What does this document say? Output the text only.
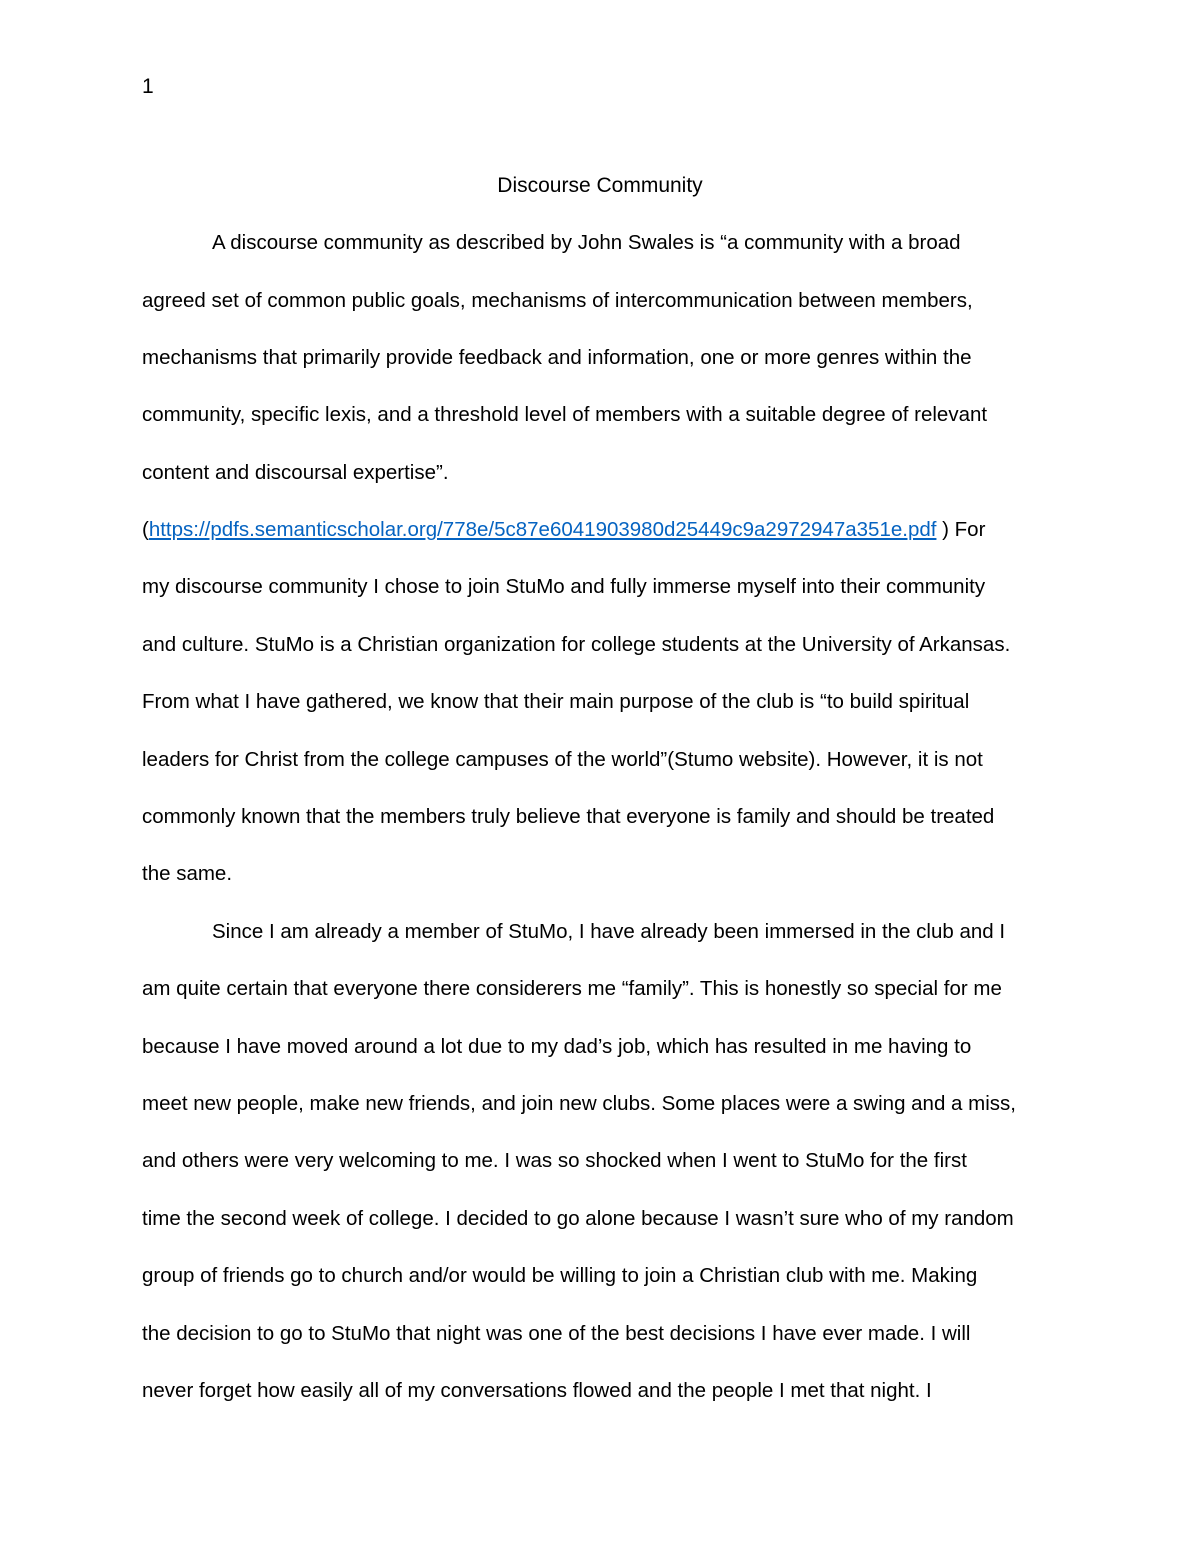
1
Discourse Community
A discourse community as described by John Swales is “a community with a broad
agreed set of common public goals, mechanisms of intercommunication between members,
mechanisms that primarily provide feedback and information, one or more genres within the
community, specific lexis, and a threshold level of members with a suitable degree of relevant
content and discoursal expertise”.
(https://pdfs.semanticscholar.org/778e/5c87e6041903980d25449c9a2972947a351e.pdf ) For
my discourse community I chose to join StuMo and fully immerse myself into their community
and culture. StuMo is a Christian organization for college students at the University of Arkansas.
From what I have gathered, we know that their main purpose of the club is “to build spiritual
leaders for Christ from the college campuses of the world”(Stumo website). However, it is not
commonly known that the members truly believe that everyone is family and should be treated
the same.
Since I am already a member of StuMo, I have already been immersed in the club and I
am quite certain that everyone there considerers me “family”. This is honestly so special for me
because I have moved around a lot due to my dad’s job, which has resulted in me having to
meet new people, make new friends, and join new clubs. Some places were a swing and a miss,
and others were very welcoming to me. I was so shocked when I went to StuMo for the first
time the second week of college. I decided to go alone because I wasn’t sure who of my random
group of friends go to church and/or would be willing to join a Christian club with me. Making
the decision to go to StuMo that night was one of the best decisions I have ever made. I will
never forget how easily all of my conversations flowed and the people I met that night. I
